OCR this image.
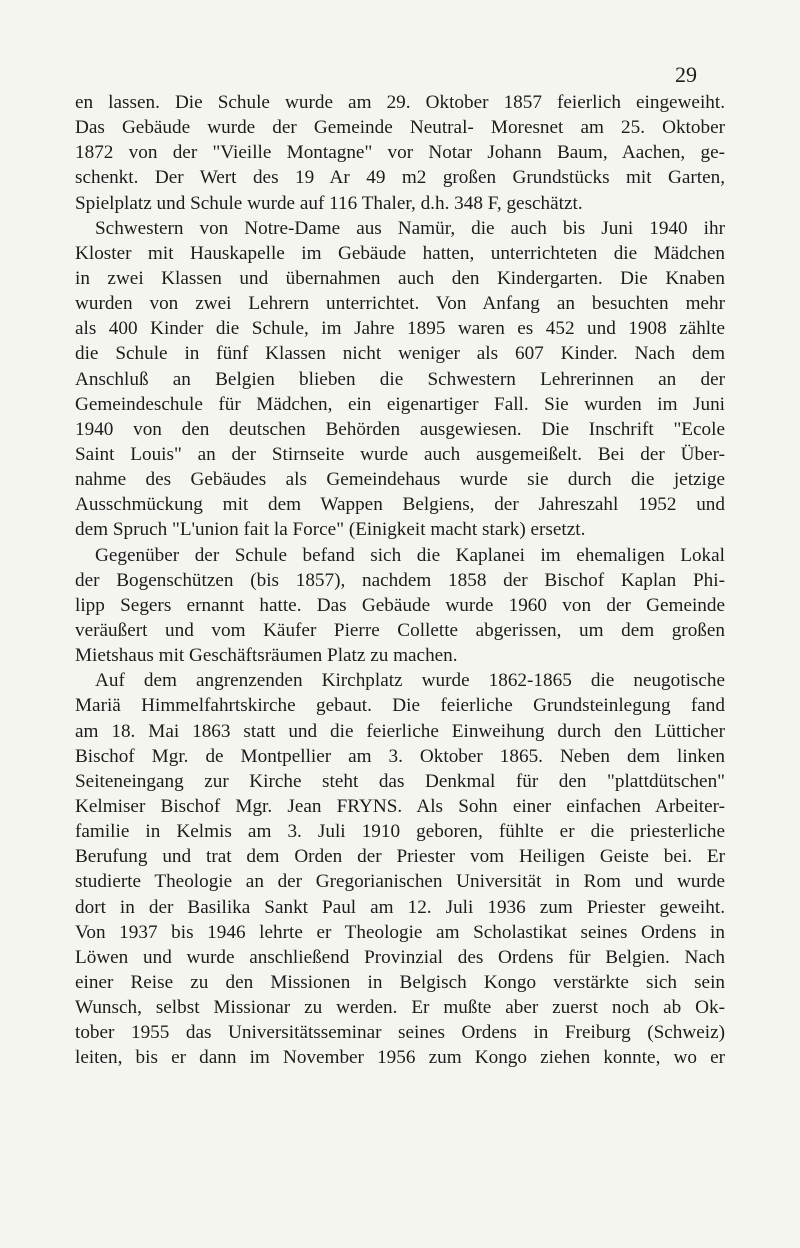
29
en lassen. Die Schule wurde am 29. Oktober 1857 feierlich eingeweiht.
Das Gebäude wurde der Gemeinde Neutral- Moresnet am 25. Oktober
1872 von der "Vieille Montagne" vor Notar Johann Baum, Aachen, ge-
schenkt. Der Wert des 19 Ar 49 m2 großen Grundstücks mit Garten,
Spielplatz und Schule wurde auf 116 Thaler, d.h. 348 F, geschätzt.
Schwestern von Notre-Dame aus Namür, die auch bis Juni 1940 ihr
Kloster mit Hauskapelle im Gebäude hatten, unterrichteten die Mädchen
in zwei Klassen und übernahmen auch den Kindergarten. Die Knaben
wurden von zwei Lehrern unterrichtet. Von Anfang an besuchten mehr
als 400 Kinder die Schule, im Jahre 1895 waren es 452 und 1908 zählte
die Schule in fünf Klassen nicht weniger als 607 Kinder. Nach dem
Anschluß an Belgien blieben die Schwestern Lehrerinnen an der
Gemeindeschule für Mädchen, ein eigenartiger Fall. Sie wurden im Juni
1940 von den deutschen Behörden ausgewiesen. Die Inschrift "Ecole
Saint Louis" an der Stirnseite wurde auch ausgemeißelt. Bei der Über-
nahme des Gebäudes als Gemeindehaus wurde sie durch die jetzige
Ausschmückung mit dem Wappen Belgiens, der Jahreszahl 1952 und
dem Spruch "L'union fait la Force" (Einigkeit macht stark) ersetzt.
Gegenüber der Schule befand sich die Kaplanei im ehemaligen Lokal
der Bogenschützen (bis 1857), nachdem 1858 der Bischof Kaplan Phi-
lipp Segers ernannt hatte. Das Gebäude wurde 1960 von der Gemeinde
veräußert und vom Käufer Pierre Collette abgerissen, um dem großen
Mietshaus mit Geschäftsräumen Platz zu machen.
Auf dem angrenzenden Kirchplatz wurde 1862-1865 die neugotische
Mariä Himmelfahrtskirche gebaut. Die feierliche Grundsteinlegung fand
am 18. Mai 1863 statt und die feierliche Einweihung durch den Lütticher
Bischof Mgr. de Montpellier am 3. Oktober 1865. Neben dem linken
Seiteneingang zur Kirche steht das Denkmal für den "plattdütschen"
Kelmiser Bischof Mgr. Jean FRYNS. Als Sohn einer einfachen Arbeiter-
familie in Kelmis am 3. Juli 1910 geboren, fühlte er die priesterliche
Berufung und trat dem Orden der Priester vom Heiligen Geiste bei. Er
studierte Theologie an der Gregorianischen Universität in Rom und wurde
dort in der Basilika Sankt Paul am 12. Juli 1936 zum Priester geweiht.
Von 1937 bis 1946 lehrte er Theologie am Scholastikat seines Ordens in
Löwen und wurde anschließend Provinzial des Ordens für Belgien. Nach
einer Reise zu den Missionen in Belgisch Kongo verstärkte sich sein
Wunsch, selbst Missionar zu werden. Er mußte aber zuerst noch ab Ok-
tober 1955 das Universitätsseminar seines Ordens in Freiburg (Schweiz)
leiten, bis er dann im November 1956 zum Kongo ziehen konnte, wo er
